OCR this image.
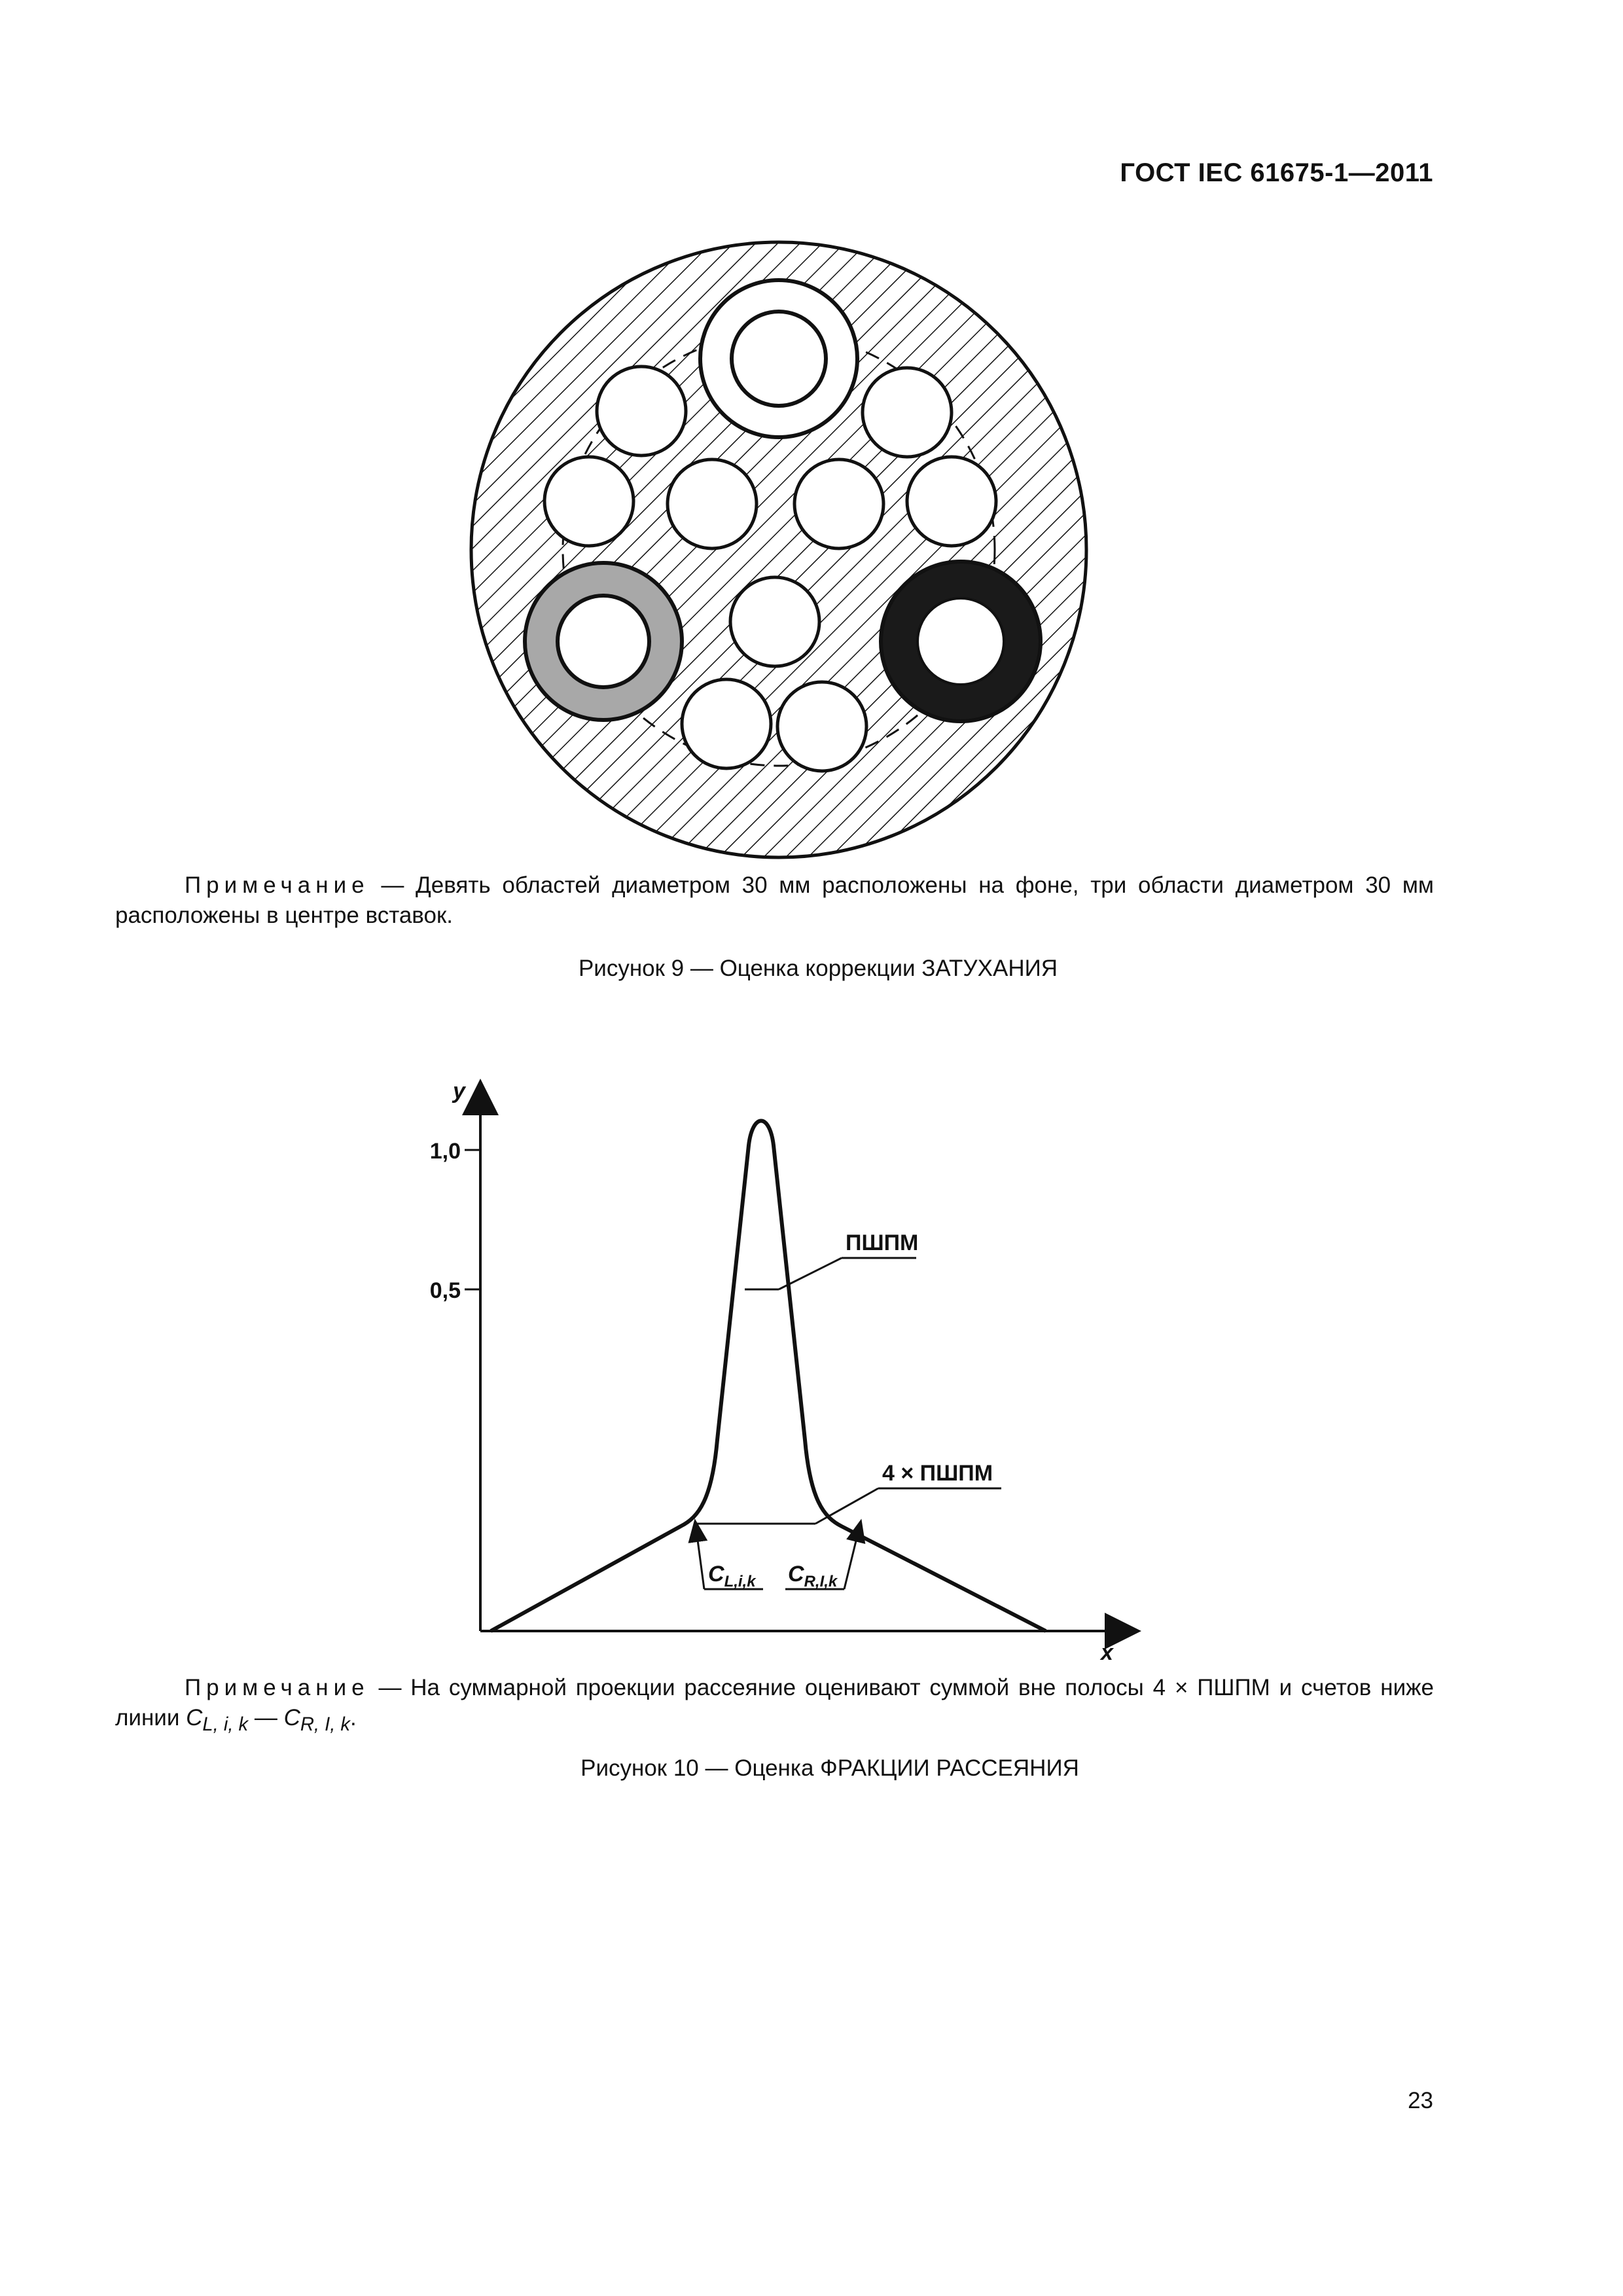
ГОСТ IEC 61675-1—2011
Примечание — Девять областей диаметром 30 мм расположены на фоне, три области диаметром 30 мм расположены в центре вставок.
Рисунок 9 — Оценка коррекции ЗАТУХАНИЯ
y
x
1,0
0,5
ПШПМ
4 × ПШПМ
$C_{L,i,k}$ $C_{R,I,k}$
Примечание — На суммарной проекции рассеяние оценивают суммой вне полосы 4 × ПШПМ и счетов ниже линии $C_{L, i, k}$ — $C_{R, I, k}$.
Рисунок 10 — Оценка ФРАКЦИИ РАССЕЯНИЯ
23
